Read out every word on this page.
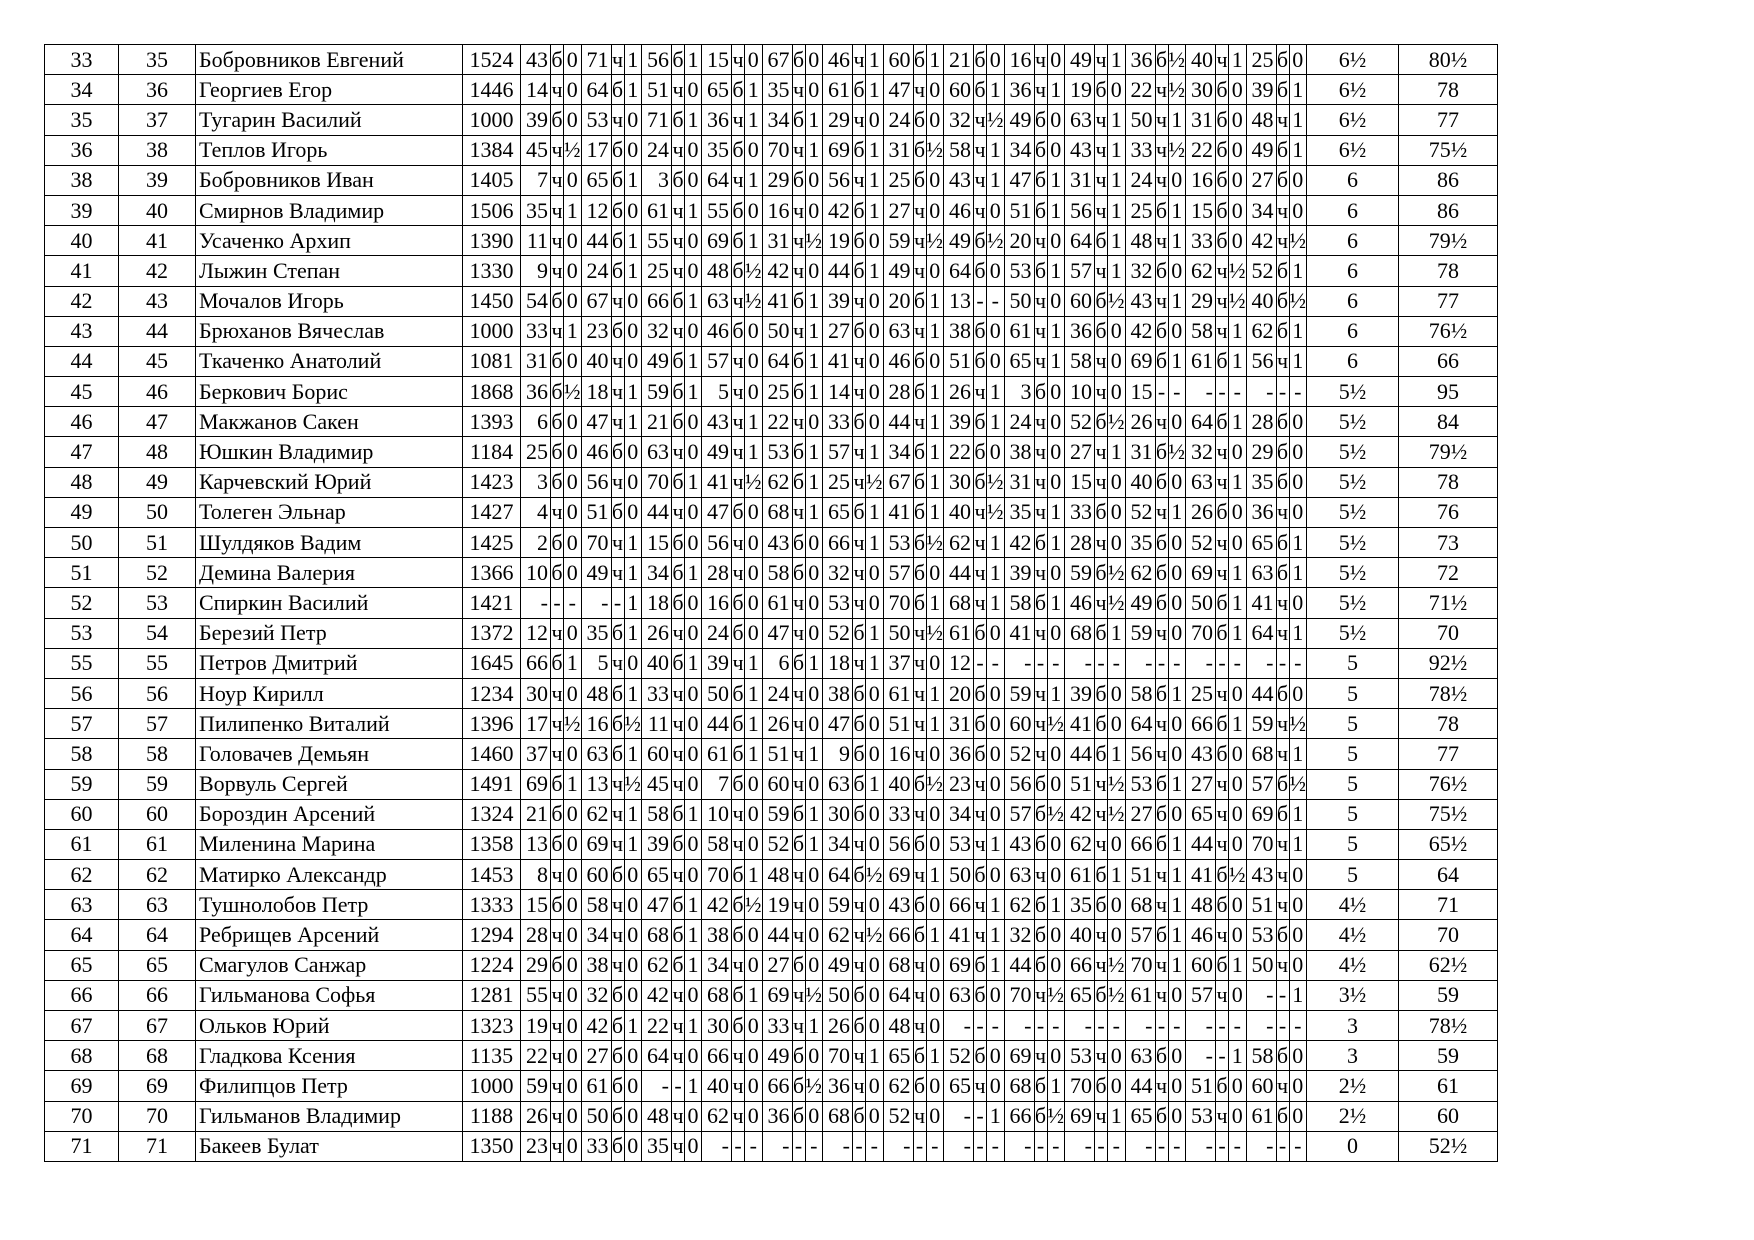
33	35	Бобровников Евгений	1524	43	б	0	71	ч	1	56	б	1	15	ч	0	67	б	0	46	ч	1	60	б	1	21	б	0	16	ч	0	49	ч	1	36	б	½	40	ч	1	25	б	0	6½	80½
34	36	Георгиев Егор	1446	14	ч	0	64	б	1	51	ч	0	65	б	1	35	ч	0	61	б	1	47	ч	0	60	б	1	36	ч	1	19	б	0	22	ч	½	30	б	0	39	б	1	6½	78
35	37	Тугарин Василий	1000	39	б	0	53	ч	0	71	б	1	36	ч	1	34	б	1	29	ч	0	24	б	0	32	ч	½	49	б	0	63	ч	1	50	ч	1	31	б	0	48	ч	1	6½	77
36	38	Теплов Игорь	1384	45	ч	½	17	б	0	24	ч	0	35	б	0	70	ч	1	69	б	1	31	б	½	58	ч	1	34	б	0	43	ч	1	33	ч	½	22	б	0	49	б	1	6½	75½
38	39	Бобровников Иван	1405	7	ч	0	65	б	1	3	б	0	64	ч	1	29	б	0	56	ч	1	25	б	0	43	ч	1	47	б	1	31	ч	1	24	ч	0	16	б	0	27	б	0	6	86
39	40	Смирнов Владимир	1506	35	ч	1	12	б	0	61	ч	1	55	б	0	16	ч	0	42	б	1	27	ч	0	46	ч	0	51	б	1	56	ч	1	25	б	1	15	б	0	34	ч	0	6	86
40	41	Усаченко Архип	1390	11	ч	0	44	б	1	55	ч	0	69	б	1	31	ч	½	19	б	0	59	ч	½	49	б	½	20	ч	0	64	б	1	48	ч	1	33	б	0	42	ч	½	6	79½
41	42	Лыжин Степан	1330	9	ч	0	24	б	1	25	ч	0	48	б	½	42	ч	0	44	б	1	49	ч	0	64	б	0	53	б	1	57	ч	1	32	б	0	62	ч	½	52	б	1	6	78
42	43	Мочалов Игорь	1450	54	б	0	67	ч	0	66	б	1	63	ч	½	41	б	1	39	ч	0	20	б	1	13	-	-	50	ч	0	60	б	½	43	ч	1	29	ч	½	40	б	½	6	77
43	44	Брюханов Вячеслав	1000	33	ч	1	23	б	0	32	ч	0	46	б	0	50	ч	1	27	б	0	63	ч	1	38	б	0	61	ч	1	36	б	0	42	б	0	58	ч	1	62	б	1	6	76½
44	45	Ткаченко Анатолий	1081	31	б	0	40	ч	0	49	б	1	57	ч	0	64	б	1	41	ч	0	46	б	0	51	б	0	65	ч	1	58	ч	0	69	б	1	61	б	1	56	ч	1	6	66
45	46	Беркович Борис	1868	36	б	½	18	ч	1	59	б	1	5	ч	0	25	б	1	14	ч	0	28	б	1	26	ч	1	3	б	0	10	ч	0	15	-	-	-	-	-	-	-	-	5½	95
46	47	Макжанов Сакен	1393	6	б	0	47	ч	1	21	б	0	43	ч	1	22	ч	0	33	б	0	44	ч	1	39	б	1	24	ч	0	52	б	½	26	ч	0	64	б	1	28	б	0	5½	84
47	48	Юшкин Владимир	1184	25	б	0	46	б	0	63	ч	0	49	ч	1	53	б	1	57	ч	1	34	б	1	22	б	0	38	ч	0	27	ч	1	31	б	½	32	ч	0	29	б	0	5½	79½
48	49	Карчевский Юрий	1423	3	б	0	56	ч	0	70	б	1	41	ч	½	62	б	1	25	ч	½	67	б	1	30	б	½	31	ч	0	15	ч	0	40	б	0	63	ч	1	35	б	0	5½	78
49	50	Толеген Эльнар	1427	4	ч	0	51	б	0	44	ч	0	47	б	0	68	ч	1	65	б	1	41	б	1	40	ч	½	35	ч	1	33	б	0	52	ч	1	26	б	0	36	ч	0	5½	76
50	51	Шулдяков Вадим	1425	2	б	0	70	ч	1	15	б	0	56	ч	0	43	б	0	66	ч	1	53	б	½	62	ч	1	42	б	1	28	ч	0	35	б	0	52	ч	0	65	б	1	5½	73
51	52	Демина Валерия	1366	10	б	0	49	ч	1	34	б	1	28	ч	0	58	б	0	32	ч	0	57	б	0	44	ч	1	39	ч	0	59	б	½	62	б	0	69	ч	1	63	б	1	5½	72
52	53	Спиркин Василий	1421	-	-	-	-	-	1	18	б	0	16	б	0	61	ч	0	53	ч	0	70	б	1	68	ч	1	58	б	1	46	ч	½	49	б	0	50	б	1	41	ч	0	5½	71½
53	54	Березий Петр	1372	12	ч	0	35	б	1	26	ч	0	24	б	0	47	ч	0	52	б	1	50	ч	½	61	б	0	41	ч	0	68	б	1	59	ч	0	70	б	1	64	ч	1	5½	70
55	55	Петров Дмитрий	1645	66	б	1	5	ч	0	40	б	1	39	ч	1	6	б	1	18	ч	1	37	ч	0	12	-	-	-	-	-	-	-	-	-	-	-	-	-	-	-	-	-	5	92½
56	56	Ноур Кирилл	1234	30	ч	0	48	б	1	33	ч	0	50	б	1	24	ч	0	38	б	0	61	ч	1	20	б	0	59	ч	1	39	б	0	58	б	1	25	ч	0	44	б	0	5	78½
57	57	Пилипенко Виталий	1396	17	ч	½	16	б	½	11	ч	0	44	б	1	26	ч	0	47	б	0	51	ч	1	31	б	0	60	ч	½	41	б	0	64	ч	0	66	б	1	59	ч	½	5	78
58	58	Головачев Демьян	1460	37	ч	0	63	б	1	60	ч	0	61	б	1	51	ч	1	9	б	0	16	ч	0	36	б	0	52	ч	0	44	б	1	56	ч	0	43	б	0	68	ч	1	5	77
59	59	Ворвуль Сергей	1491	69	б	1	13	ч	½	45	ч	0	7	б	0	60	ч	0	63	б	1	40	б	½	23	ч	0	56	б	0	51	ч	½	53	б	1	27	ч	0	57	б	½	5	76½
60	60	Бороздин Арсений	1324	21	б	0	62	ч	1	58	б	1	10	ч	0	59	б	1	30	б	0	33	ч	0	34	ч	0	57	б	½	42	ч	½	27	б	0	65	ч	0	69	б	1	5	75½
61	61	Миленина Марина	1358	13	б	0	69	ч	1	39	б	0	58	ч	0	52	б	1	34	ч	0	56	б	0	53	ч	1	43	б	0	62	ч	0	66	б	1	44	ч	0	70	ч	1	5	65½
62	62	Матирко Александр	1453	8	ч	0	60	б	0	65	ч	0	70	б	1	48	ч	0	64	б	½	69	ч	1	50	б	0	63	ч	0	61	б	1	51	ч	1	41	б	½	43	ч	0	5	64
63	63	Тушнолобов Петр	1333	15	б	0	58	ч	0	47	б	1	42	б	½	19	ч	0	59	ч	0	43	б	0	66	ч	1	62	б	1	35	б	0	68	ч	1	48	б	0	51	ч	0	4½	71
64	64	Ребрищев Арсений	1294	28	ч	0	34	ч	0	68	б	1	38	б	0	44	ч	0	62	ч	½	66	б	1	41	ч	1	32	б	0	40	ч	0	57	б	1	46	ч	0	53	б	0	4½	70
65	65	Смагулов Санжар	1224	29	б	0	38	ч	0	62	б	1	34	ч	0	27	б	0	49	ч	0	68	ч	0	69	б	1	44	б	0	66	ч	½	70	ч	1	60	б	1	50	ч	0	4½	62½
66	66	Гильманова Софья	1281	55	ч	0	32	б	0	42	ч	0	68	б	1	69	ч	½	50	б	0	64	ч	0	63	б	0	70	ч	½	65	б	½	61	ч	0	57	ч	0	-	-	1	3½	59
67	67	Ольков Юрий	1323	19	ч	0	42	б	1	22	ч	1	30	б	0	33	ч	1	26	б	0	48	ч	0	-	-	-	-	-	-	-	-	-	-	-	-	-	-	-	-	-	-	3	78½
68	68	Гладкова Ксения	1135	22	ч	0	27	б	0	64	ч	0	66	ч	0	49	б	0	70	ч	1	65	б	1	52	б	0	69	ч	0	53	ч	0	63	б	0	-	-	1	58	б	0	3	59
69	69	Филипцов Петр	1000	59	ч	0	61	б	0	-	-	1	40	ч	0	66	б	½	36	ч	0	62	б	0	65	ч	0	68	б	1	70	б	0	44	ч	0	51	б	0	60	ч	0	2½	61
70	70	Гильманов Владимир	1188	26	ч	0	50	б	0	48	ч	0	62	ч	0	36	б	0	68	б	0	52	ч	0	-	-	1	66	б	½	69	ч	1	65	б	0	53	ч	0	61	б	0	2½	60
71	71	Бакеев Булат	1350	23	ч	0	33	б	0	35	ч	0	-	-	-	-	-	-	-	-	-	-	-	-	-	-	-	-	-	-	-	-	-	-	-	-	-	-	-	-	-	-	0	52½
